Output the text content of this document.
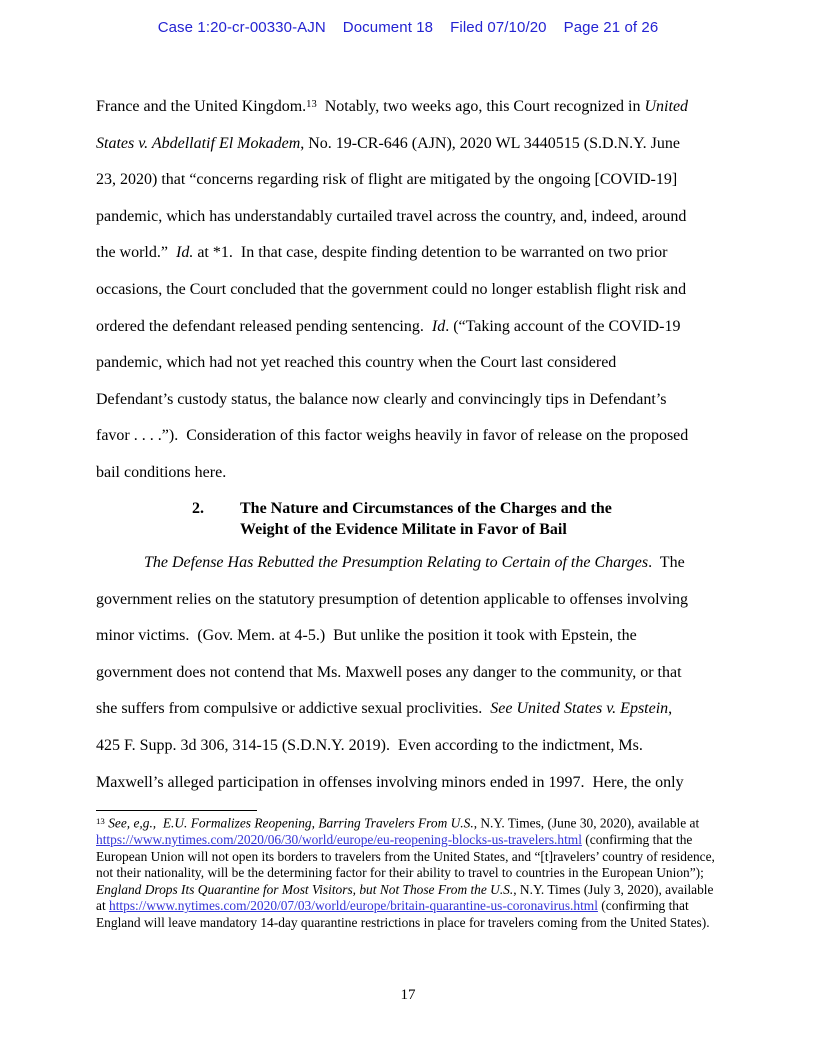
Case 1:20-cr-00330-AJN Document 18 Filed 07/10/20 Page 21 of 26
France and the United Kingdom.$^{13}$  Notably, two weeks ago, this Court recognized in United
States v. Abdellatif El Mokadem, No. 19-CR-646 (AJN), 2020 WL 3440515 (S.D.N.Y. June
23, 2020) that “concerns regarding risk of flight are mitigated by the ongoing [COVID-19]
pandemic, which has understandably curtailed travel across the country, and, indeed, around
the world.”  Id. at *1.  In that case, despite finding detention to be warranted on two prior
occasions, the Court concluded that the government could no longer establish flight risk and
ordered the defendant released pending sentencing.  Id. (“Taking account of the COVID-19
pandemic, which had not yet reached this country when the Court last considered
Defendant’s custody status, the balance now clearly and convincingly tips in Defendant’s
favor . . . .”).  Consideration of this factor weighs heavily in favor of release on the proposed
bail conditions here.
2.	The Nature and Circumstances of the Charges and the
Weight of the Evidence Militate in Favor of Bail
The Defense Has Rebutted the Presumption Relating to Certain of the Charges.  The
government relies on the statutory presumption of detention applicable to offenses involving
minor victims.  (Gov. Mem. at 4-5.)  But unlike the position it took with Epstein, the
government does not contend that Ms. Maxwell poses any danger to the community, or that
she suffers from compulsive or addictive sexual proclivities.  See United States v. Epstein,
425 F. Supp. 3d 306, 314-15 (S.D.N.Y. 2019).  Even according to the indictment, Ms.
Maxwell’s alleged participation in offenses involving minors ended in 1997.  Here, the only
$^{13}$ See, e,g., E.U. Formalizes Reopening, Barring Travelers From U.S., N.Y. Times, (June 30, 2020), available at
https://www.nytimes.com/2020/06/30/world/europe/eu-reopening-blocks-us-travelers.html (confirming that the
European Union will not open its borders to travelers from the United States, and “[t]ravelers’ country of residence,
not their nationality, will be the determining factor for their ability to travel to countries in the European Union”);
England Drops Its Quarantine for Most Visitors, but Not Those From the U.S., N.Y. Times (July 3, 2020), available
at https://www.nytimes.com/2020/07/03/world/europe/britain-quarantine-us-coronavirus.html (confirming that
England will leave mandatory 14-day quarantine restrictions in place for travelers coming from the United States).
17
